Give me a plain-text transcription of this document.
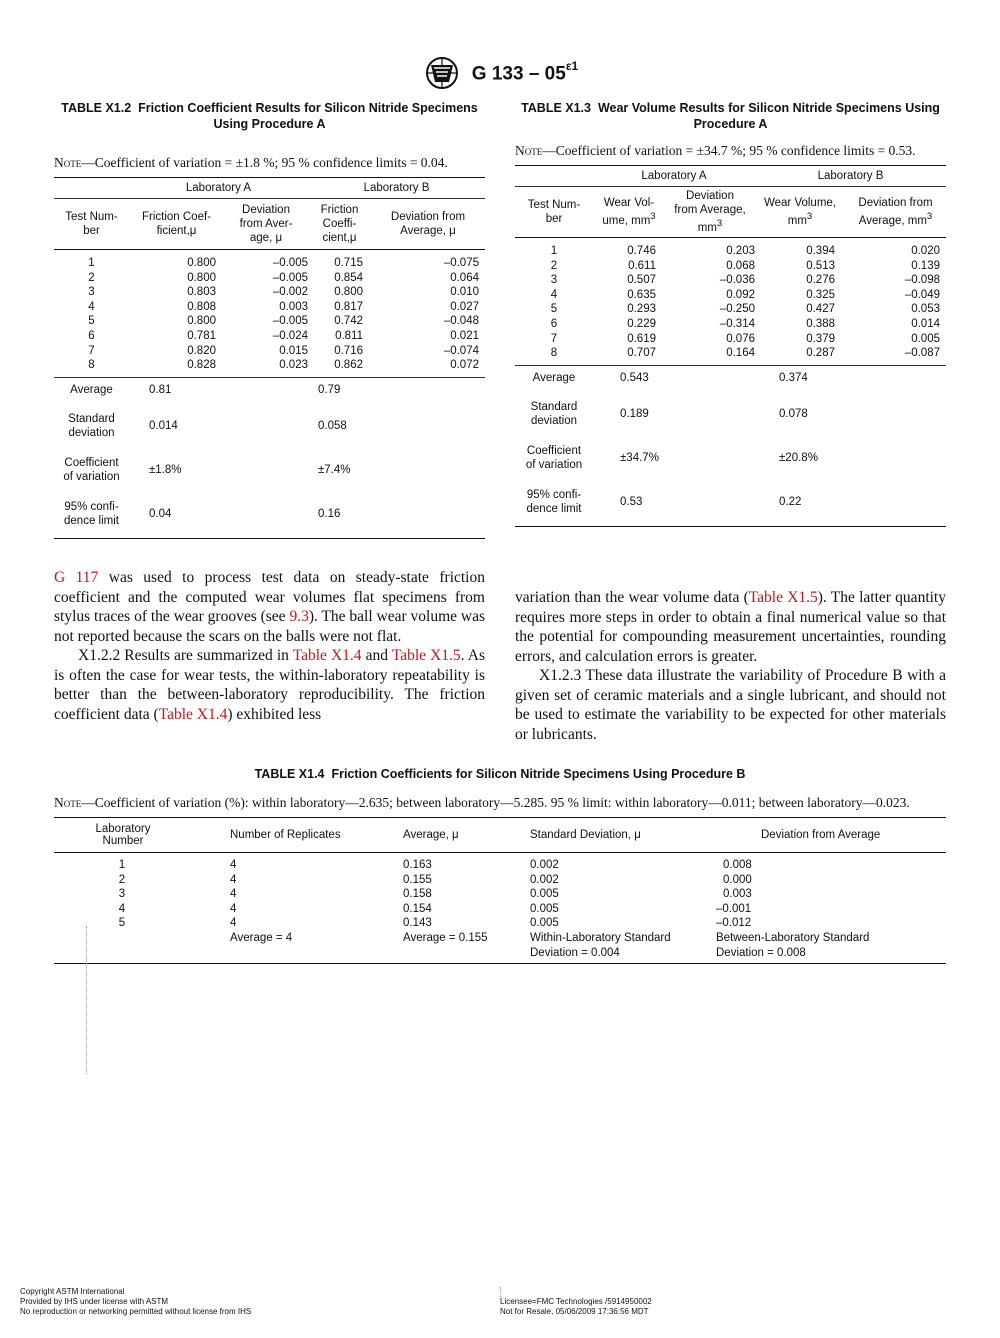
G $133 - 05^{\varepsilon 1}$
TABLE X1.2 Friction Coefficient Results for Silicon Nitride Specimens Using Procedure A
Note—Coefficient of variation = ±1.8 %; 95 % confidence limits = 0.04.
	Laboratory A		Laboratory B	
Test Num-
ber	Friction Coef-
ficient,μ	Deviation
from Aver-
age, μ	Friction
Coeffi-
cient,μ	Deviation from
Average, μ
1	0.800	–0.005	0.715	–0.075
2	0.800	–0.005	0.854	0.064
3	0.803	–0.002	0.800	0.010
4	0.808	0.003	0.817	0.027
5	0.800	–0.005	0.742	–0.048
6	0.781	–0.024	0.811	0.021
7	0.820	0.015	0.716	–0.074
8	0.828	0.023	0.862	0.072
Average	0.81		0.79	
Standard
deviation	0.014		0.058	
Coefficient
of variation	±1.8%		±7.4%	
95% confi-
dence limit	0.04		0.16	
TABLE X1.3 Wear Volume Results for Silicon Nitride Specimens Using Procedure A
Note—Coefficient of variation = ±34.7 %; 95 % confidence limits = 0.53.
	Laboratory A		Laboratory B	
Test Num-
ber	Wear Vol-
ume, $mm^3$	Deviation
from Average,
$mm^3$	Wear Volume,
$mm^3$	Deviation from
Average, $mm^3$
1	0.746	0.203	0.394	0.020
2	0.611	0.068	0.513	0.139
3	0.507	–0.036	0.276	–0.098
4	0.635	0.092	0.325	–0.049
5	0.293	–0.250	0.427	0.053
6	0.229	–0.314	0.388	0.014
7	0.619	0.076	0.379	0.005
8	0.707	0.164	0.287	–0.087
Average	0.543		0.374	
Standard
deviation	0.189		0.078	
Coefficient
of variation	±34.7%		±20.8%	
95% confi-
dence limit	0.53		0.22	

G 117 was used to process test data on steady-state friction coefficient and the computed wear volumes flat specimens from stylus traces of the wear grooves (see 9.3). The ball wear volume was not reported because the scars on the balls were not flat.

X1.2.2 Results are summarized in Table X1.4 and Table X1.5. As is often the case for wear tests, the within-laboratory repeatability is better than the between-laboratory reproducibility. The friction coefficient data (Table X1.4) exhibited less

variation than the wear volume data (Table X1.5). The latter quantity requires more steps in order to obtain a final numerical value so that the potential for compounding measurement uncertainties, rounding errors, and calculation errors is greater.

X1.2.3 These data illustrate the variability of Procedure B with a given set of ceramic materials and a single lubricant, and should not be used to estimate the variability to be expected for other materials or lubricants.

TABLE X1.4 Friction Coefficients for Silicon Nitride Specimens Using Procedure B
Note—Coefficient of variation (%): within laboratory—2.635; between laboratory—5.285. 95 % limit: within laboratory—0.011; between laboratory—0.023.
Laboratory
Number	Number of Replicates	Average, μ	Standard Deviation, μ	Deviation from Average
1	4	0.163	0.002	0.008
2	4	0.155	0.002	0.000
3	4	0.158	0.005	0.003
4	4	0.154	0.005	–0.001
5	4	0.143	0.005	–0.012
	Average = 4	Average = 0.155	Within-Laboratory Standard Deviation = 0.004	Between-Laboratory Standard Deviation = 0.008
Copyright ASTM International
Provided by IHS under license with ASTM
No reproduction or networking permitted without license from IHS
Licensee=FMC Technologies /5914950002
Not for Resale, 05/06/2009 17:36:56 MDT
